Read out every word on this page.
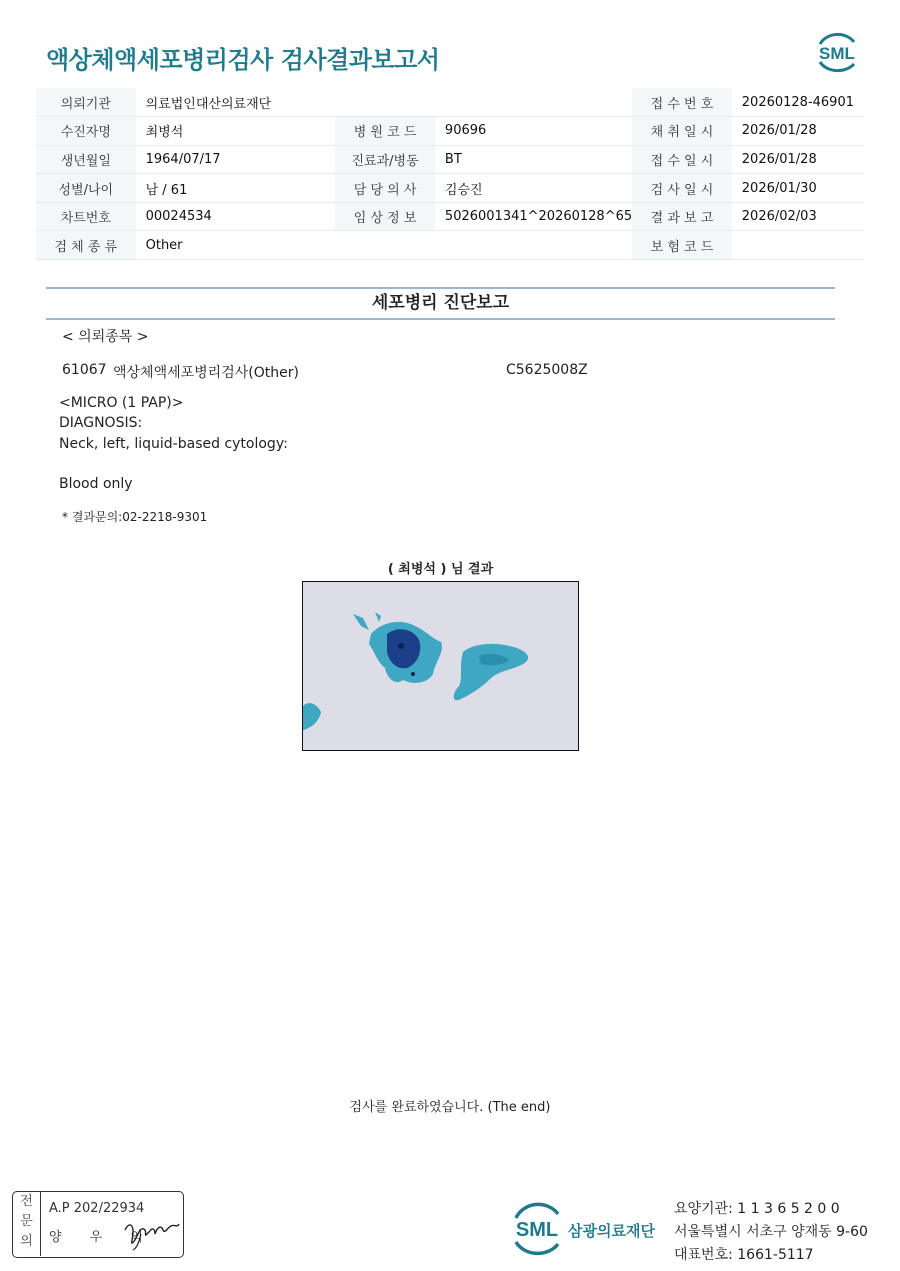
액상체액세포병리검사 검사결과보고서	SML
의뢰기관	의료법인대산의료재단			접 수 번 호	20260128-46901
수진자명	최병석	병 원 코 드	90696	채 취 일 시	2026/01/28
생년월일	1964/07/17	진료과/병동	BT	접 수 일 시	2026/01/28
성별/나이	남 / 61	담 당 의 사	김승진	검 사 일 시	2026/01/30
차트번호	00024534	임 상 정 보	5026001341^20260128^65	결 과 보 고	2026/02/03
검 체 종 류	Other			보 험 코 드	
세포병리 진단보고
< 의뢰종목 >
61067 액상체액세포병리검사(Other)	C5625008Z
<MICRO (1 PAP)>
DIAGNOSIS:
Neck, left, liquid-based cytology:
Blood only
* 결과문의:02-2218-9301
( 최병석 ) 님 결과
검사를 완료하였습니다. (The end)
전
문
의
A.P 202/22934
양 우 익	SML 삼광의료재단
요양기관: 1 1 3 6 5 2 0 0
서울특별시 서초구 양재동 9-60
대표번호: 1661-5117
